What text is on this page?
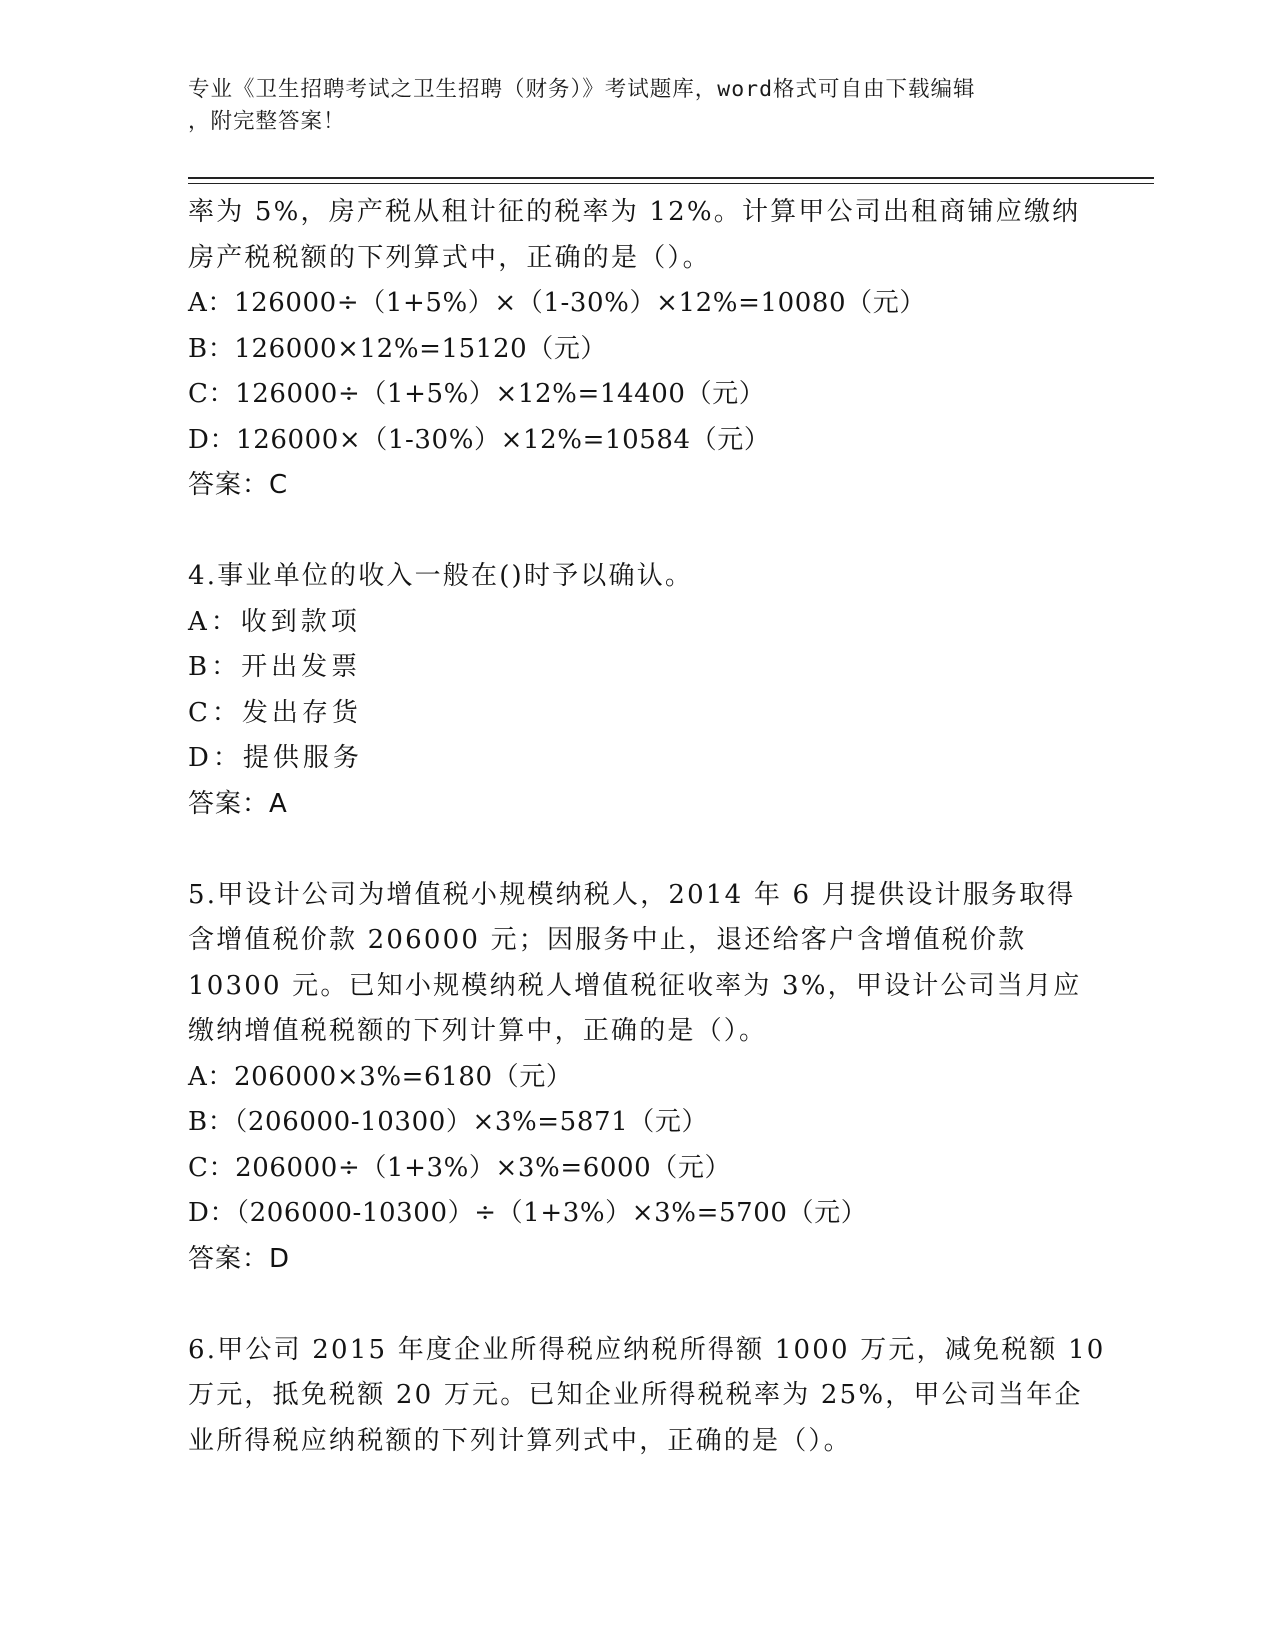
专业《卫生招聘考试之卫生招聘（财务）》考试题库，word格式可自由下载编辑

，附完整答案！

率为 5%，房产税从租计征的税率为 12%。计算甲公司出租商铺应缴纳
房产税税额的下列算式中，正确的是（）。
A：126000÷（1+5%）×（1-30%）×12%=10080（元）
B：126000×12%=15120（元）
C：126000÷（1+5%）×12%=14400（元）
D：126000×（1-30%）×12%=10584（元）
答案：C
4.事业单位的收入一般在()时予以确认。
A：收到款项
B：开出发票
C：发出存货
D：提供服务
答案：A
5.甲设计公司为增值税小规模纳税人，2014 年 6 月提供设计服务取得
含增值税价款 206000 元；因服务中止，退还给客户含增值税价款
10300 元。已知小规模纳税人增值税征收率为 3%，甲设计公司当月应
缴纳增值税税额的下列计算中，正确的是（）。
A：206000×3%=6180（元）
B：（206000-10300）×3%=5871（元）
C：206000÷（1+3%）×3%=6000（元）
D：（206000-10300）÷（1+3%）×3%=5700（元）
答案：D
6.甲公司 2015 年度企业所得税应纳税所得额 1000 万元，减免税额 10
万元，抵免税额 20 万元。已知企业所得税税率为 25%，甲公司当年企
业所得税应纳税额的下列计算列式中，正确的是（）。
